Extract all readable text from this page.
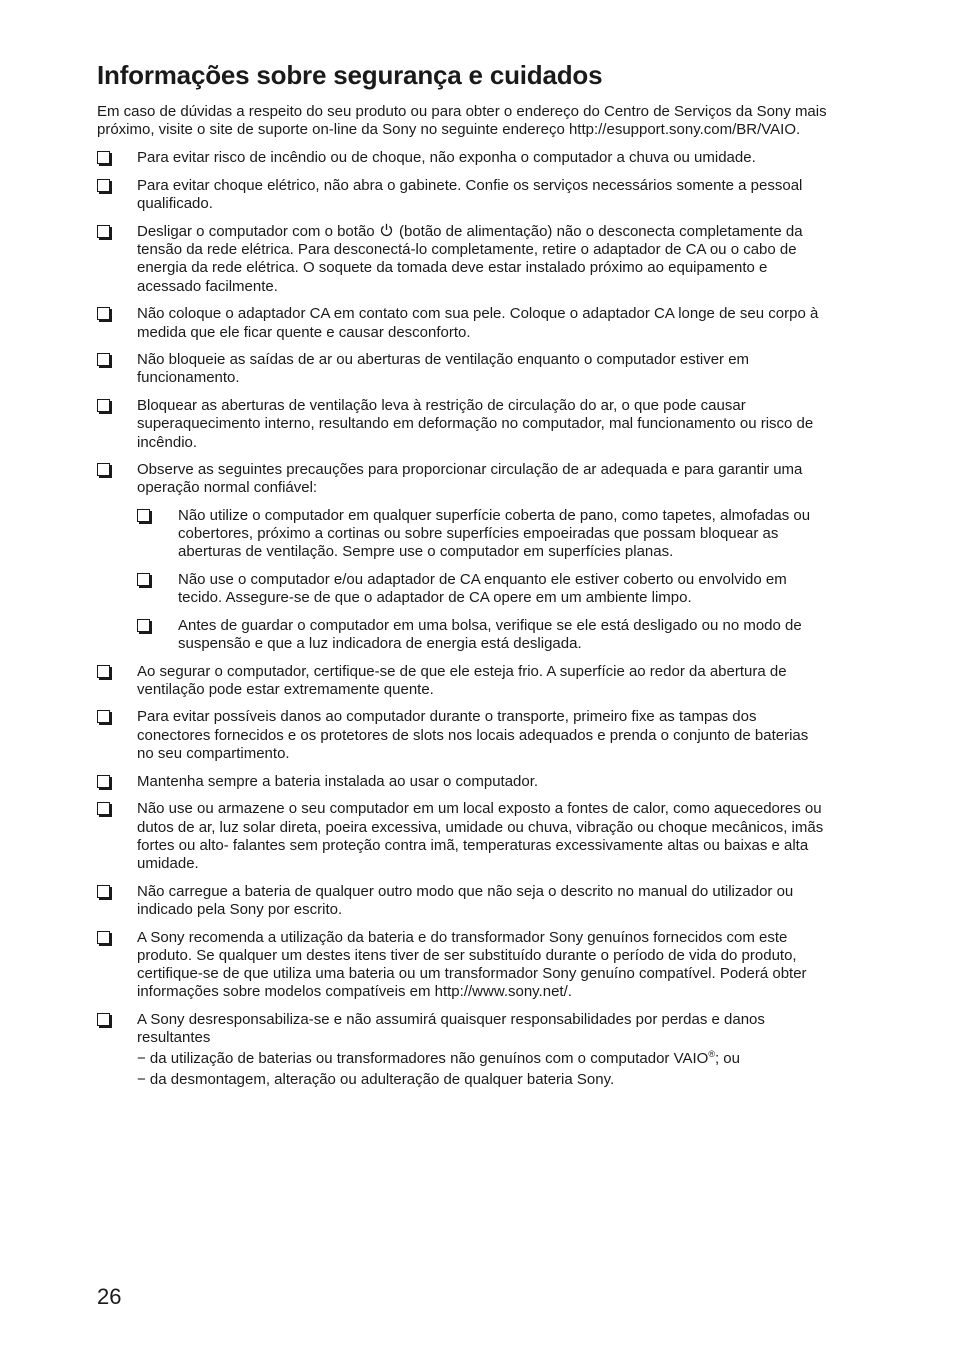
Informações sobre segurança e cuidados

Em caso de dúvidas a respeito do seu produto ou para obter o endereço do Centro de Serviços da Sony mais próximo, visite o site de suporte on-line da Sony no seguinte endereço http://esupport.sony.com/BR/VAIO.

Para evitar risco de incêndio ou de choque, não exponha o computador a chuva ou umidade.
Para evitar choque elétrico, não abra o gabinete. Confie os serviços necessários somente a pessoal qualificado.
Desligar o computador com o botão (botão de alimentação) não o desconecta completamente da tensão da rede elétrica. Para desconectá-lo completamente, retire o adaptador de CA ou o cabo de energia da rede elétrica. O soquete da tomada deve estar instalado próximo ao equipamento e acessado facilmente.
Não coloque o adaptador CA em contato com sua pele. Coloque o adaptador CA longe de seu corpo à medida que ele ficar quente e causar desconforto.
Não bloqueie as saídas de ar ou aberturas de ventilação enquanto o computador estiver em funcionamento.
Bloquear as aberturas de ventilação leva à restrição de circulação do ar, o que pode causar superaquecimento interno, resultando em deformação no computador, mal funcionamento ou risco de incêndio.
Observe as seguintes precauções para proporcionar circulação de ar adequada e para garantir uma operação normal confiável:
Não utilize o computador em qualquer superfície coberta de pano, como tapetes, almofadas ou cobertores, próximo a cortinas ou sobre superfícies empoeiradas que possam bloquear as aberturas de ventilação. Sempre use o computador em superfícies planas.
Não use o computador e/ou adaptador de CA enquanto ele estiver coberto ou envolvido em tecido. Assegure-se de que o adaptador de CA opere em um ambiente limpo.
Antes de guardar o computador em uma bolsa, verifique se ele está desligado ou no modo de suspensão e que a luz indicadora de energia está desligada.
Ao segurar o computador, certifique-se de que ele esteja frio. A superfície ao redor da abertura de ventilação pode estar extremamente quente.
Para evitar possíveis danos ao computador durante o transporte, primeiro fixe as tampas dos conectores fornecidos e os protetores de slots nos locais adequados e prenda o conjunto de baterias no seu compartimento.
Mantenha sempre a bateria instalada ao usar o computador.
Não use ou armazene o seu computador em um local exposto a fontes de calor, como aquecedores ou dutos de ar, luz solar direta, poeira excessiva, umidade ou chuva, vibração ou choque mecânicos, imãs fortes ou alto- falantes sem proteção contra imã, temperaturas excessivamente altas ou baixas e alta umidade.
Não carregue a bateria de qualquer outro modo que não seja o descrito no manual do utilizador ou indicado pela Sony por escrito.
A Sony recomenda a utilização da bateria e do transformador Sony genuínos fornecidos com este produto. Se qualquer um destes itens tiver de ser substituído durante o período de vida do produto, certifique-se de que utiliza uma bateria ou um transformador Sony genuíno compatível. Poderá obter informações sobre modelos compatíveis em http://www.sony.net/.
A Sony desresponsabiliza-se e não assumirá quaisquer responsabilidades por perdas e danos resultantes
− da utilização de baterias ou transformadores não genuínos com o computador VAIO®; ou
− da desmontagem, alteração ou adulteração de qualquer bateria Sony.
26
